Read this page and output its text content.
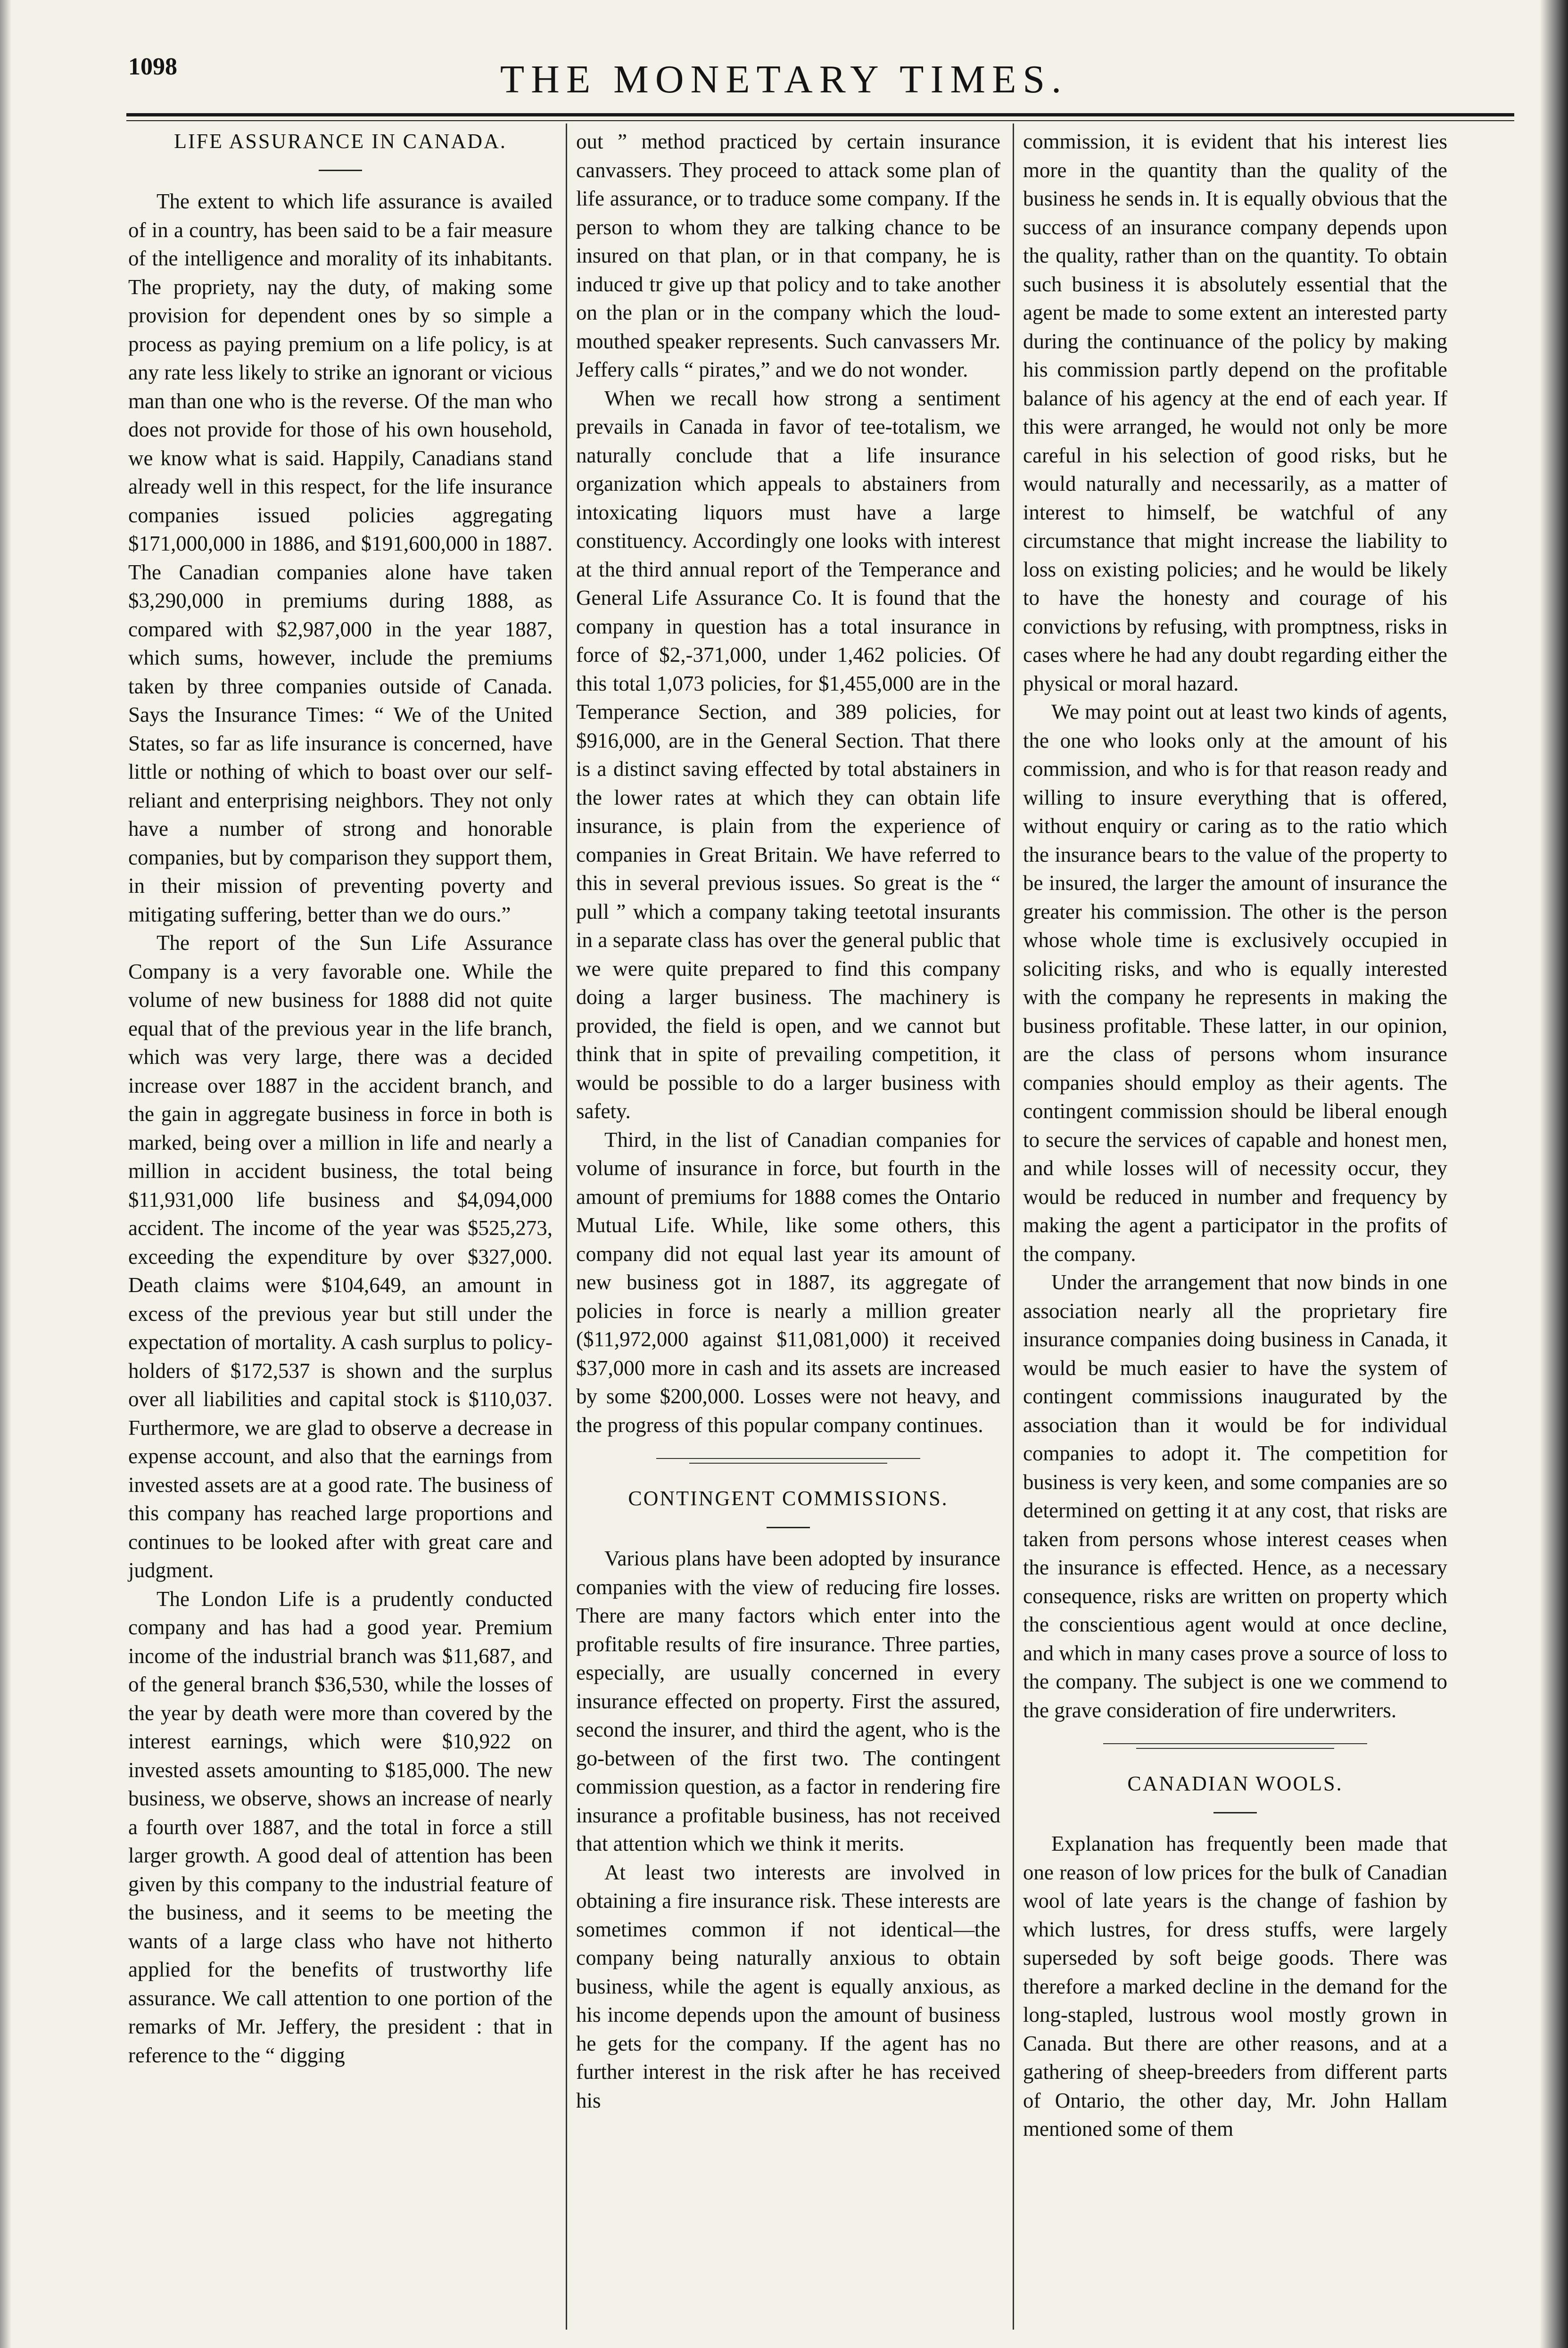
1098	THE MONETARY TIMES.
LIFE ASSURANCE IN CANADA.

The extent to which life assurance is availed of in a country, has been said to be a fair measure of the intelligence and morality of its inhabitants. The propriety, nay the duty, of making some provision for dependent ones by so simple a process as paying premium on a life policy, is at any rate less likely to strike an ignorant or vicious man than one who is the reverse. Of the man who does not provide for those of his own household, we know what is said. Happily, Canadians stand already well in this respect, for the life insurance companies issued policies aggregating $171,000,000 in 1886, and $191,600,000 in 1887. The Canadian companies alone have taken $3,290,000 in premiums during 1888, as compared with $2,987,000 in the year 1887, which sums, however, include the premiums taken by three companies outside of Canada. Says the Insurance Times: “ We of the United States, so far as life insurance is concerned, have little or nothing of which to boast over our self-reliant and enterprising neighbors. They not only have a number of strong and honorable companies, but by comparison they support them, in their mission of preventing poverty and mitigating suffering, better than we do ours.”

The report of the Sun Life Assurance Company is a very favorable one. While the volume of new business for 1888 did not quite equal that of the previous year in the life branch, which was very large, there was a decided increase over 1887 in the accident branch, and the gain in aggregate business in force in both is marked, being over a million in life and nearly a million in accident business, the total being $11,931,000 life business and $4,094,000 accident. The income of the year was $525,273, exceeding the expenditure by over $327,000. Death claims were $104,649, an amount in excess of the previous year but still under the expectation of mortality. A cash surplus to policy-holders of $172,537 is shown and the surplus over all liabilities and capital stock is $110,037. Furthermore, we are glad to observe a decrease in expense account, and also that the earnings from invested assets are at a good rate. The business of this company has reached large proportions and continues to be looked after with great care and judgment.

The London Life is a prudently conducted company and has had a good year. Premium income of the industrial branch was $11,687, and of the general branch $36,530, while the losses of the year by death were more than covered by the interest earnings, which were $10,922 on invested assets amounting to $185,000. The new business, we observe, shows an increase of nearly a fourth over 1887, and the total in force a still larger growth. A good deal of attention has been given by this company to the industrial feature of the business, and it seems to be meeting the wants of a large class who have not hitherto applied for the benefits of trustworthy life assurance. We call attention to one portion of the remarks of Mr. Jeffery, the president : that in reference to the “ digging

out ” method practiced by certain insurance canvassers. They proceed to attack some plan of life assurance, or to traduce some company. If the person to whom they are talking chance to be insured on that plan, or in that company, he is induced tr give up that policy and to take another on the plan or in the company which the loud-mouthed speaker represents. Such canvassers Mr. Jeffery calls “ pirates,” and we do not wonder.

When we recall how strong a sentiment prevails in Canada in favor of tee-totalism, we naturally conclude that a life insurance organization which appeals to abstainers from intoxicating liquors must have a large constituency. Accordingly one looks with interest at the third annual report of the Temperance and General Life Assurance Co. It is found that the company in question has a total insurance in force of $2,-371,000, under 1,462 policies. Of this total 1,073 policies, for $1,455,000 are in the Temperance Section, and 389 policies, for $916,000, are in the General Section. That there is a distinct saving effected by total abstainers in the lower rates at which they can obtain life insurance, is plain from the experience of companies in Great Britain. We have referred to this in several previous issues. So great is the “ pull ” which a company taking teetotal insurants in a separate class has over the general public that we were quite prepared to find this company doing a larger business. The machinery is provided, the field is open, and we cannot but think that in spite of prevailing competition, it would be possible to do a larger business with safety.

Third, in the list of Canadian companies for volume of insurance in force, but fourth in the amount of premiums for 1888 comes the Ontario Mutual Life. While, like some others, this company did not equal last year its amount of new business got in 1887, its aggregate of policies in force is nearly a million greater ($11,972,000 against $11,081,000) it received $37,000 more in cash and its assets are increased by some $200,000. Losses were not heavy, and the progress of this popular company continues.

CONTINGENT COMMISSIONS.

Various plans have been adopted by insurance companies with the view of reducing fire losses. There are many factors which enter into the profitable results of fire insurance. Three parties, especially, are usually concerned in every insurance effected on property. First the assured, second the insurer, and third the agent, who is the go-between of the first two. The contingent commission question, as a factor in rendering fire insurance a profitable business, has not received that attention which we think it merits.

At least two interests are involved in obtaining a fire insurance risk. These interests are sometimes common if not identical—the company being naturally anxious to obtain business, while the agent is equally anxious, as his income depends upon the amount of business he gets for the company. If the agent has no further interest in the risk after he has received his

commission, it is evident that his interest lies more in the quantity than the quality of the business he sends in. It is equally obvious that the success of an insurance company depends upon the quality, rather than on the quantity. To obtain such business it is absolutely essential that the agent be made to some extent an interested party during the continuance of the policy by making his commission partly depend on the profitable balance of his agency at the end of each year. If this were arranged, he would not only be more careful in his selection of good risks, but he would naturally and necessarily, as a matter of interest to himself, be watchful of any circumstance that might increase the liability to loss on existing policies; and he would be likely to have the honesty and courage of his convictions by refusing, with promptness, risks in cases where he had any doubt regarding either the physical or moral hazard.

We may point out at least two kinds of agents, the one who looks only at the amount of his commission, and who is for that reason ready and willing to insure everything that is offered, without enquiry or caring as to the ratio which the insurance bears to the value of the property to be insured, the larger the amount of insurance the greater his commission. The other is the person whose whole time is exclusively occupied in soliciting risks, and who is equally interested with the company he represents in making the business profitable. These latter, in our opinion, are the class of persons whom insurance companies should employ as their agents. The contingent commission should be liberal enough to secure the services of capable and honest men, and while losses will of necessity occur, they would be reduced in number and frequency by making the agent a participator in the profits of the company.

Under the arrangement that now binds in one association nearly all the proprietary fire insurance companies doing business in Canada, it would be much easier to have the system of contingent commissions inaugurated by the association than it would be for individual companies to adopt it. The competition for business is very keen, and some companies are so determined on getting it at any cost, that risks are taken from persons whose interest ceases when the insurance is effected. Hence, as a necessary consequence, risks are written on property which the conscientious agent would at once decline, and which in many cases prove a source of loss to the company. The subject is one we commend to the grave consideration of fire underwriters.

CANADIAN WOOLS.

Explanation has frequently been made that one reason of low prices for the bulk of Canadian wool of late years is the change of fashion by which lustres, for dress stuffs, were largely superseded by soft beige goods. There was therefore a marked decline in the demand for the long-stapled, lustrous wool mostly grown in Canada. But there are other reasons, and at a gathering of sheep-breeders from different parts of Ontario, the other day, Mr. John Hallam mentioned some of them
